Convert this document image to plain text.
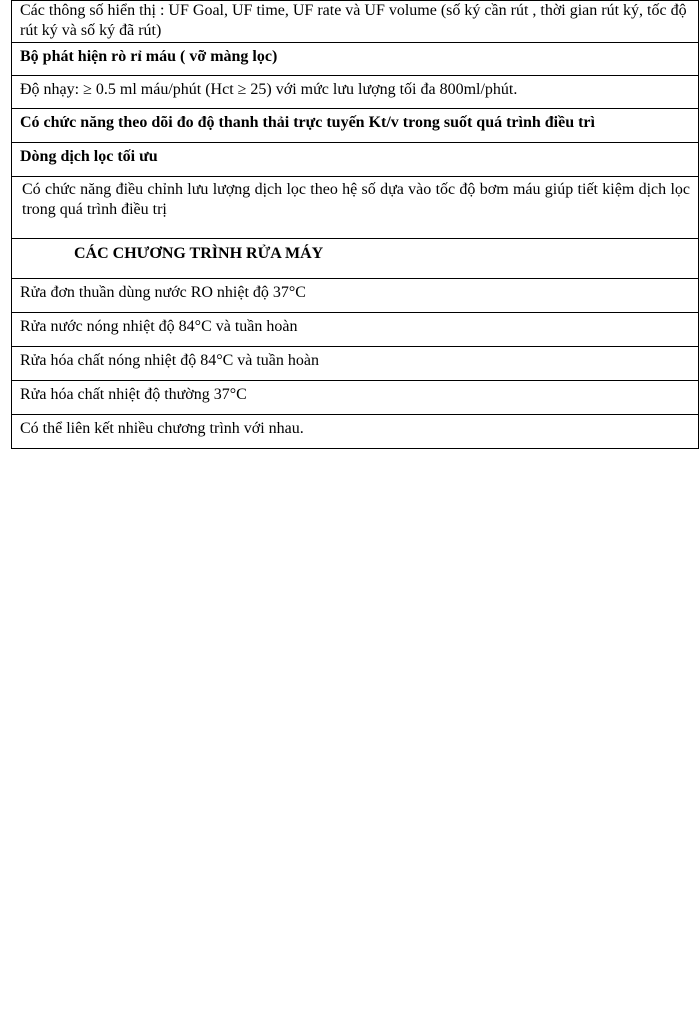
Các thông số hiển thị : UF Goal, UF time, UF rate và UF volume (số ký cần rút , thời gian rút ký, tốc độ rút ký và số ký đã rút)
Bộ phát hiện rò rỉ máu ( vỡ màng lọc)
Độ nhạy: ≥ 0.5 ml máu/phút (Hct ≥ 25) với mức lưu lượng tối đa 800ml/phút.
Có chức năng theo dõi đo độ thanh thải trực tuyến Kt/v trong suốt quá trình điều trì
Dòng dịch lọc tối ưu
Có chức năng điều chỉnh lưu lượng dịch lọc theo hệ số dựa vào tốc độ bơm máu giúp tiết kiệm dịch lọc trong quá trình điều trị

CÁC CHƯƠNG TRÌNH RỬA MÁY

Rửa đơn thuần dùng nước RO nhiệt độ 37°C
Rửa nước nóng nhiệt độ 84°C và tuần hoàn
Rửa hóa chất nóng nhiệt độ 84°C và tuần hoàn
Rửa hóa chất nhiệt độ thường 37°C
Có thể liên kết nhiều chương trình với nhau.
